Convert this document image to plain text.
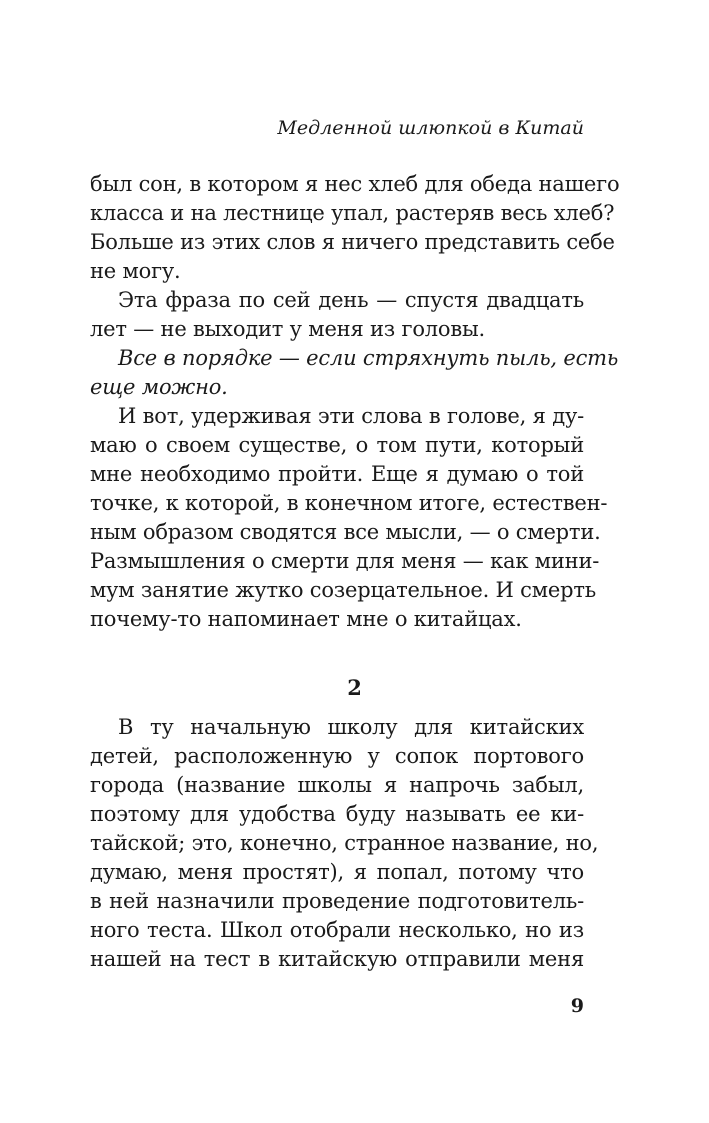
Медленной шлюпкой в Китай
был сон, в котором я нес хлеб для обеда нашего
класса и на лестнице упал, растеряв весь хлеб?
Больше из этих слов я ничего представить себе
не могу.
Эта фраза по сей день — спустя двадцать
лет — не выходит у меня из головы.
Все в порядке — если стряхнуть пыль, есть
еще можно.
И вот, удерживая эти слова в голове, я ду-
маю о своем существе, о том пути, который
мне необходимо пройти. Еще я думаю о той
точке, к которой, в конечном итоге, естествен-
ным образом сводятся все мысли, — о смерти.
Размышления о смерти для меня — как мини-
мум занятие жутко созерцательное. И смерть
почему-то напоминает мне о китайцах.
2
В ту начальную школу для китайских
детей, расположенную у сопок портового
города (название школы я напрочь забыл,
поэтому для удобства буду называть ее ки-
тайской; это, конечно, странное название, но,
думаю, меня простят), я попал, потому что
в ней назначили проведение подготовитель-
ного теста. Школ отобрали несколько, но из
нашей на тест в китайскую отправили меня
9
